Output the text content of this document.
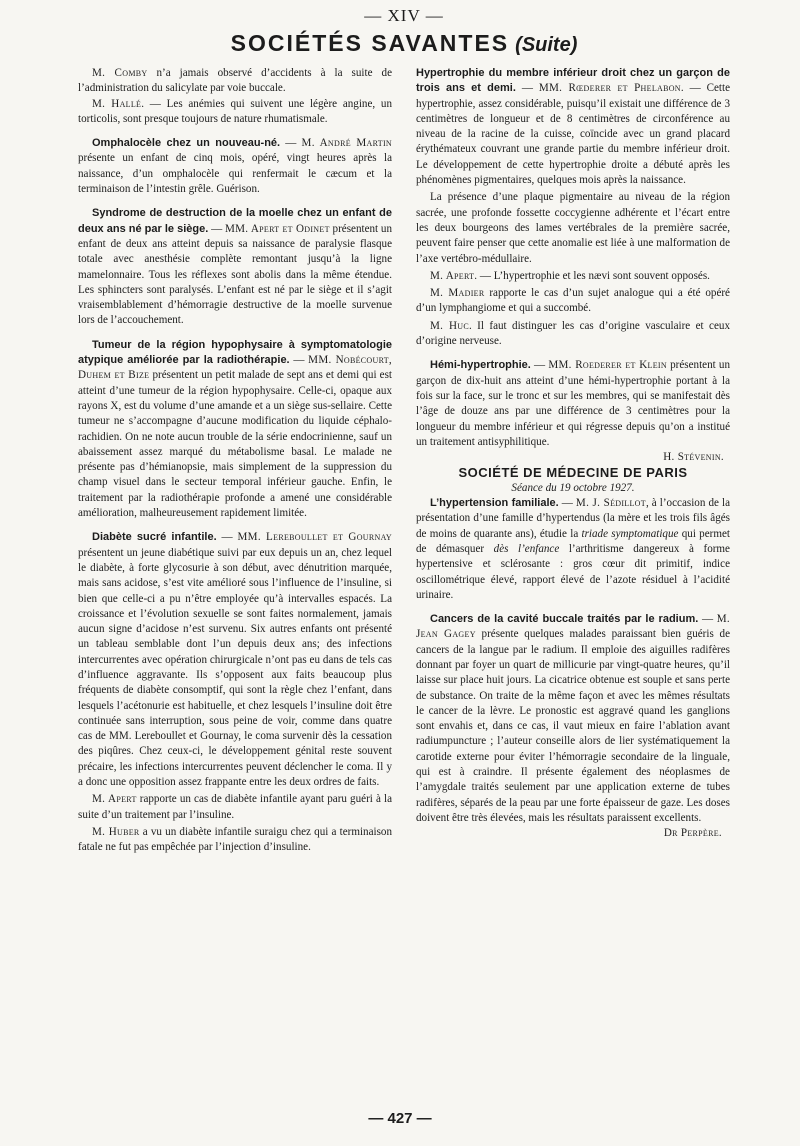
— XIV —
SOCIÉTÉS SAVANTES (Suite)

M. Comby n’a jamais observé d’accidents à la suite de l’administration du salicylate par voie buccale.

M. Hallé. — Les anémies qui suivent une légère angine, un torticolis, sont presque toujours de nature rhumatismale.

Omphalocèle chez un nouveau-né. — M. André Martin présente un enfant de cinq mois, opéré, vingt heures après la naissance, d’un omphalocèle qui renfermait le cæcum et la terminaison de l’intestin grêle. Guérison.

Syndrome de destruction de la moelle chez un enfant de deux ans né par le siège. — MM. Apert et Odinet présentent un enfant de deux ans atteint depuis sa naissance de paralysie flasque totale avec anesthésie complète remontant jusqu’à la ligne mamelonnaire. Tous les réflexes sont abolis dans la même étendue. Les sphincters sont paralysés. L’enfant est né par le siège et il s’agit vraisemblablement d’hémorragie destructive de la moelle survenue lors de l’accouchement.

Tumeur de la région hypophysaire à symptomatologie atypique améliorée par la radiothérapie. — MM. Nobécourt, Duhem et Bize présentent un petit malade de sept ans et demi qui est atteint d’une tumeur de la région hypophysaire. Celle-ci, opaque aux rayons X, est du volume d’une amande et a un siège sus-sellaire. Cette tumeur ne s’accompagne d’aucune modification du liquide céphalo-rachidien. On ne note aucun trouble de la série endocrinienne, sauf un abaissement assez marqué du métabolisme basal. Le malade ne présente pas d’hémianopsie, mais simplement de la suppression du champ visuel dans le secteur temporal inférieur gauche. Enfin, le traitement par la radiothérapie profonde a amené une considérable amélioration, malheureusement rapidement limitée.

Diabète sucré infantile. — MM. Lereboullet et Gournay présentent un jeune diabétique suivi par eux depuis un an, chez lequel le diabète, à forte glycosurie à son début, avec dénutrition marquée, mais sans acidose, s’est vite amélioré sous l’influence de l’insuline, si bien que celle-ci a pu n’être employée qu’à intervalles espacés. La croissance et l’évolution sexuelle se sont faites normalement, jamais aucun signe d’acidose n’est survenu. Six autres enfants ont présenté un tableau semblable dont l’un depuis deux ans; des infections intercurrentes avec opération chirurgicale n’ont pas eu dans de tels cas d’influence aggravante. Ils s’opposent aux faits beaucoup plus fréquents de diabète consomptif, qui sont la règle chez l’enfant, dans lesquels l’acétonurie est habituelle, et chez lesquels l’insuline doit être continuée sans interruption, sous peine de voir, comme dans quatre cas de MM. Lereboullet et Gournay, le coma survenir dès la cessation des piqûres. Chez ceux-ci, le développement génital reste souvent précaire, les infections intercurrentes peuvent déclencher le coma. Il y a donc une opposition assez frappante entre les deux ordres de faits.

M. Apert rapporte un cas de diabète infantile ayant paru guéri à la suite d’un traitement par l’insuline.

M. Huber a vu un diabète infantile suraigu chez qui a terminaison fatale ne fut pas empêchée par l’injection d’insuline.

Hypertrophie du membre inférieur droit chez un garçon de trois ans et demi. — MM. Rœderer et Phelabon. — Cette hypertrophie, assez considérable, puisqu’il existait une différence de 3 centimètres de longueur et de 8 centimètres de circonférence au niveau de la racine de la cuisse, coïncide avec un grand placard érythémateux couvrant une grande partie du membre inférieur droit. Le développement de cette hypertrophie droite a débuté après les phénomènes pigmentaires, quelques mois après la naissance.

La présence d’une plaque pigmentaire au niveau de la région sacrée, une profonde fossette coccygienne adhérente et l’écart entre les deux bourgeons des lames vertébrales de la première sacrée, peuvent faire penser que cette anomalie est liée à une malformation de l’axe vertébro-médullaire.

M. Apert. — L’hypertrophie et les nævi sont souvent opposés.

M. Madier rapporte le cas d’un sujet analogue qui a été opéré d’un lymphangiome et qui a succombé.

M. Huc. Il faut distinguer les cas d’origine vasculaire et ceux d’origine nerveuse.

Hémi-hypertrophie. — MM. Roederer et Klein présentent un garçon de dix-huit ans atteint d’une hémi-hypertrophie portant à la fois sur la face, sur le tronc et sur les membres, qui se manifestait dès l’âge de douze ans par une différence de 3 centimètres pour la longueur du membre inférieur et qui régresse depuis qu’on a institué un traitement antisyphilitique.

H. Stévenin.

SOCIÉTÉ DE MÉDECINE DE PARIS

Séance du 19 octobre 1927.

L’hypertension familiale. — M. J. Sédillot, à l’occasion de la présentation d’une famille d’hypertendus (la mère et les trois fils âgés de moins de quarante ans), étudie la triade symptomatique qui permet de démasquer dès l’enfance l’arthritisme dangereux à forme hypertensive et sclérosante : gros cœur dit primitif, indice oscillométrique élevé, rapport élevé de l’azote résiduel à l’acidité urinaire.

Cancers de la cavité buccale traités par le radium. — M. Jean Gagey présente quelques malades paraissant bien guéris de cancers de la langue par le radium. Il emploie des aiguilles radifères donnant par foyer un quart de millicurie par vingt-quatre heures, qu’il laisse sur place huit jours. La cicatrice obtenue est souple et sans perte de substance. On traite de la même façon et avec les mêmes résultats le cancer de la lèvre. Le pronostic est aggravé quand les ganglions sont envahis et, dans ce cas, il vaut mieux en faire l’ablation avant radiumpuncture ; l’auteur conseille alors de lier systématiquement la carotide externe pour éviter l’hémorragie secondaire de la linguale, qui est à craindre. Il présente également des néoplasmes de l’amygdale traités seulement par une application externe de tubes radifères, séparés de la peau par une forte épaisseur de gaze. Les doses doivent être très élevées, mais les résultats paraissent excellents.

Dr Perpère.

— 427 —
